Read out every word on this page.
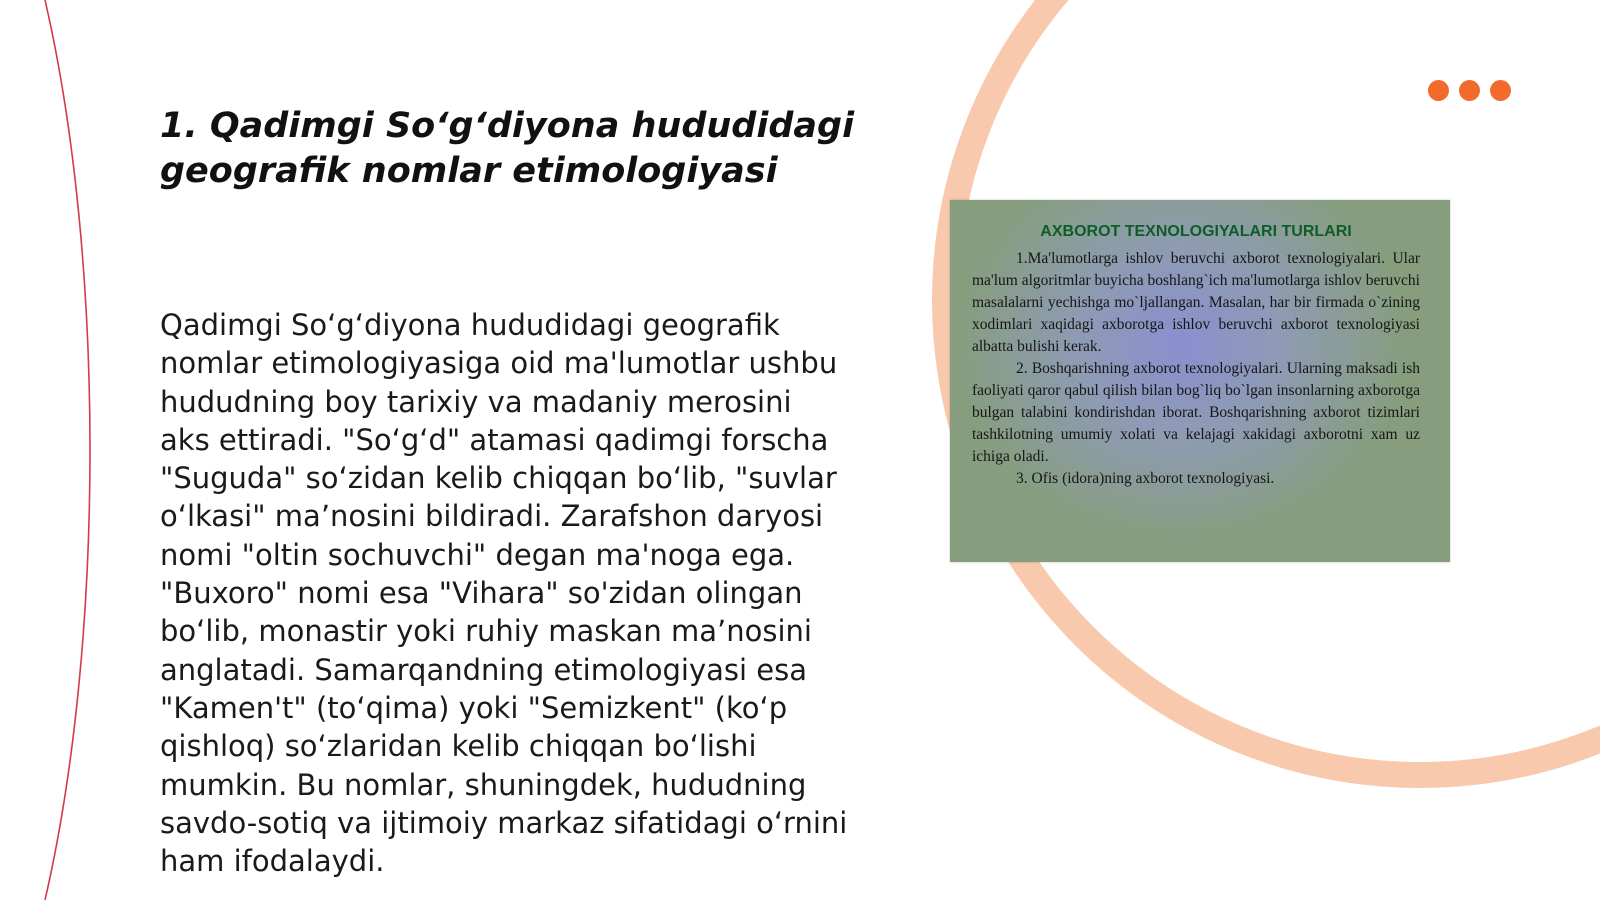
1. Qadimgi So‘g‘diyona hududidagi geografik nomlar etimologiyasi

Qadimgi So‘g‘diyona hududidagi geografik nomlar etimologiyasiga oid ma'lumotlar ushbu hududning boy tarixiy va madaniy merosini aks ettiradi. "So‘g‘d" atamasi qadimgi forscha "Suguda" so‘zidan kelib chiqqan bo‘lib, "suvlar o‘lkasi" ma’nosini bildiradi. Zarafshon daryosi nomi "oltin sochuvchi" degan ma'noga ega. "Buxoro" nomi esa "Vihara" so'zidan olingan bo‘lib, monastir yoki ruhiy maskan ma’nosini anglatadi. Samarqandning etimologiyasi esa "Kamen't" (to‘qima) yoki "Semizkent" (ko‘p qishloq) so‘zlaridan kelib chiqqan bo‘lishi mumkin. Bu nomlar, shuningdek, hududning savdo-sotiq va ijtimoiy markaz sifatidagi o‘rnini ham ifodalaydi.

AXBOROT TEXNOLOGIYALARI TURLARI

1.Ma'lumotlarga ishlov beruvchi axborot texnologiyalari. Ular ma'lum algoritmlar buyicha boshlang`ich ma'lumotlarga ishlov beruvchi masalalarni yechishga mo`ljallangan. Masalan, har bir firmada o`zining xodimlari xaqidagi axborotga ishlov beruvchi axborot texnologiyasi albatta bulishi kerak.

2. Boshqarishning axborot texnologiyalari. Ularning maksadi ish faoliyati qaror qabul qilish bilan bog`liq bo`lgan insonlarning axborotga bulgan talabini kondirishdan iborat. Boshqarishning axborot tizimlari tashkilotning umumiy xolati va kelajagi xakidagi axborotni xam uz ichiga oladi.

3. Ofis (idora)ning axborot texnologiyasi.
